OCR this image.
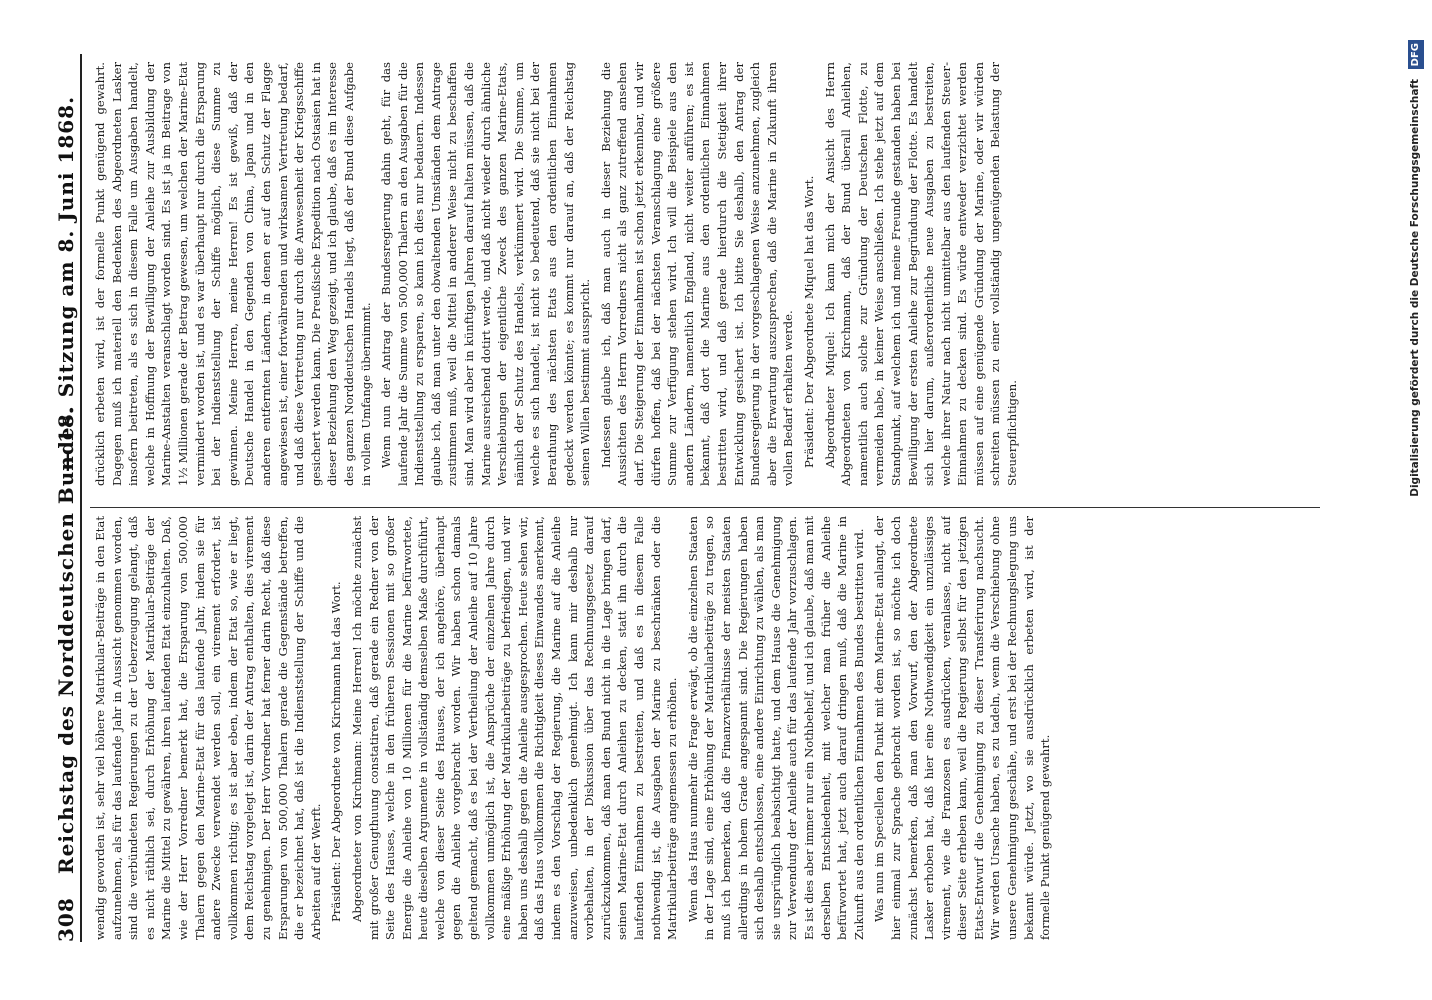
308
Reichstag des Norddeutschen Bundes.
— 18. Sitzung am 8. Juni 1868.

wendig geworden ist, sehr viel höhere Matrikular-Beiträge in den Etat aufzunehmen, als für das laufende Jahr in Aussicht genommen worden, sind die verbündeten Regierungen zu der Ueberzeugung gelangt, daß es nicht räthlich sei, durch Erhöhung der Matrikular-Beiträge der Marine die Mittel zu gewähren, ihren laufenden Etat einzuhalten. Daß, wie der Herr Vorredner bemerkt hat, die Ersparung von 500,000 Thalern gegen den Marine-Etat für das laufende Jahr, indem sie für andere Zwecke verwendet werden soll, ein virement erfordert, ist vollkommen richtig; es ist aber eben, indem der Etat so, wie er liegt, dem Reichstag vorgelegt ist, darin der Antrag enthalten, dies virement zu genehmigen. Der Herr Vorredner hat ferner darin Recht, daß diese Ersparungen von 500,000 Thalern gerade die Gegenstände betreffen, die er bezeichnet hat, daß ist die Indienststellung der Schiffe und die Arbeiten auf der Werft. Präsident: Der Abgeordnete von Kirchmann hat das Wort. Abgeordneter von Kirchmann: Meine Herren! Ich möchte zunächst mit großer Genugthuung constatiren, daß gerade ein Redner von der Seite des Hauses, welche in den früheren Sessionen mit so großer Energie die Anleihe von 10 Millionen für die Marine befürwortete, heute dieselben Argumente in vollständig demselben Maße durchführt, welche von dieser Seite des Hauses, der ich angehöre, überhaupt gegen die Anleihe vorgebracht worden. Wir haben schon damals geltend gemacht, daß es bei der Vertheilung der Anleihe auf 10 Jahre vollkommen unmöglich ist, die Ansprüche der einzelnen Jahre durch eine mäßige Erhöhung der Matrikularbeiträge zu befriedigen, und wir haben uns deshalb gegen die Anleihe ausgesprochen. Heute sehen wir, daß das Haus vollkommen die Richtigkeit dieses Einwandes anerkennt, indem es den Vorschlag der Regierung, die Marine auf die Anleihe anzuweisen, unbedenklich genehmigt. Ich kann mir deshalb nur vorbehalten, in der Diskussion über das Rechnungsgesetz darauf zurückzukommen, daß man den Bund nicht in die Lage bringen darf, seinen Marine-Etat durch Anleihen zu decken, statt ihn durch die laufenden Einnahmen zu bestreiten, und daß es in diesem Falle nothwendig ist, die Ausgaben der Marine zu beschränken oder die Matrikularbeiträge angemessen zu erhöhen. Wenn das Haus nunmehr die Frage erwägt, ob die einzelnen Staaten in der Lage sind, eine Erhöhung der Matrikularbeiträge zu tragen, so muß ich bemerken, daß die Finanzverhältnisse der meisten Staaten allerdings in hohem Grade angespannt sind. Die Regierungen haben sich deshalb entschlossen, eine andere Einrichtung zu wählen, als man sie ursprünglich beabsichtigt hatte, und dem Hause die Genehmigung zur Verwendung der Anleihe auch für das laufende Jahr vorzuschlagen. Es ist dies aber immer nur ein Nothbehelf, und ich glaube, daß man mit derselben Entschiedenheit, mit welcher man früher die Anleihe befürwortet hat, jetzt auch darauf dringen muß, daß die Marine in Zukunft aus den ordentlichen Einnahmen des Bundes bestritten wird. Was nun im Speciellen den Punkt mit dem Marine-Etat anlangt, der hier einmal zur Sprache gebracht worden ist, so möchte ich doch zunächst bemerken, daß man den Vorwurf, den der Abgeordnete Lasker erhoben hat, daß hier eine Nothwendigkeit ein unzulässiges virement, wie die Franzosen es ausdrücken, veranlasse, nicht auf dieser Seite erheben kann, weil die Regierung selbst für den jetzigen Etats-Entwurf die Genehmigung zu dieser Transferirung nachsucht. Wir werden Ursache haben, es zu tadeln, wenn die Verschiebung ohne unsere Genehmigung geschähe, und erst bei der Rechnungslegung uns bekannt würde. Jetzt, wo sie ausdrücklich erbeten wird, ist der formelle Punkt genügend gewahrt.

drücklich erbeten wird, ist der formelle Punkt genügend gewahrt. Dagegen muß ich materiell den Bedenken des Abgeordneten Lasker insofern beitreten, als es sich in diesem Falle um Ausgaben handelt, welche in Hoffnung der Bewilligung der Anleihe zur Ausbildung der Marine-Anstalten veranschlagt worden sind. Es ist ja im Beitrage von 1½ Millionen gerade der Betrag gewesen, um welchen der Marine-Etat vermindert worden ist, und es war überhaupt nur durch die Ersparung bei der Indienststellung der Schiffe möglich, diese Summe zu gewinnen. Meine Herren, meine Herren! Es ist gewiß, daß der Deutsche Handel in den Gegenden von China, Japan und in den anderen entfernten Ländern, in denen er auf den Schutz der Flagge angewiesen ist, einer fortwährenden und wirksamen Vertretung bedarf, und daß diese Vertretung nur durch die Anwesenheit der Kriegsschiffe gesichert werden kann. Die Preußische Expedition nach Ostasien hat in dieser Beziehung den Weg gezeigt, und ich glaube, daß es im Interesse des ganzen Norddeutschen Handels liegt, daß der Bund diese Aufgabe in vollem Umfange übernimmt. Wenn nun der Antrag der Bundesregierung dahin geht, für das laufende Jahr die Summe von 500,000 Thalern an den Ausgaben für die Indienststellung zu ersparen, so kann ich dies nur bedauern. Indessen glaube ich, daß man unter den obwaltenden Umständen dem Antrage zustimmen muß, weil die Mittel in anderer Weise nicht zu beschaffen sind. Man wird aber in künftigen Jahren darauf halten müssen, daß die Marine ausreichend dotirt werde, und daß nicht wieder durch ähnliche Verschiebungen der eigentliche Zweck des ganzen Marine-Etats, nämlich der Schutz des Handels, verkümmert wird. Die Summe, um welche es sich handelt, ist nicht so bedeutend, daß sie nicht bei der Berathung des nächsten Etats aus den ordentlichen Einnahmen gedeckt werden könnte; es kommt nur darauf an, daß der Reichstag seinen Willen bestimmt ausspricht. Indessen glaube ich, daß man auch in dieser Beziehung die Aussichten des Herrn Vorredners nicht als ganz zutreffend ansehen darf. Die Steigerung der Einnahmen ist schon jetzt erkennbar, und wir dürfen hoffen, daß bei der nächsten Veranschlagung eine größere Summe zur Verfügung stehen wird. Ich will die Beispiele aus den andern Ländern, namentlich England, nicht weiter anführen; es ist bekannt, daß dort die Marine aus den ordentlichen Einnahmen bestritten wird, und daß gerade hierdurch die Stetigkeit ihrer Entwicklung gesichert ist. Ich bitte Sie deshalb, den Antrag der Bundesregierung in der vorgeschlagenen Weise anzunehmen, zugleich aber die Erwartung auszusprechen, daß die Marine in Zukunft ihren vollen Bedarf erhalten werde. Präsident: Der Abgeordnete Miquel hat das Wort. Abgeordneter Miquel: Ich kann mich der Ansicht des Herrn Abgeordneten von Kirchmann, daß der Bund überall Anleihen, namentlich auch solche zur Gründung der Deutschen Flotte, zu vermeiden habe, in keiner Weise anschließen. Ich stehe jetzt auf dem Standpunkt, auf welchem ich und meine Freunde gestanden haben bei Bewilligung der ersten Anleihe zur Begründung der Flotte. Es handelt sich hier darum, außerordentliche neue Ausgaben zu bestreiten, welche ihrer Natur nach nicht unmittelbar aus den laufenden Steuer-Einnahmen zu decken sind. Es würde entweder verzichtet werden müssen auf eine genügende Gründung der Marine, oder wir würden schreiten müssen zu einer vollständig ungenügenden Belastung der Steuerpflichtigen.	Digitalisierung gefördert durch die Deutsche Forschungsgemeinschaft DFG
